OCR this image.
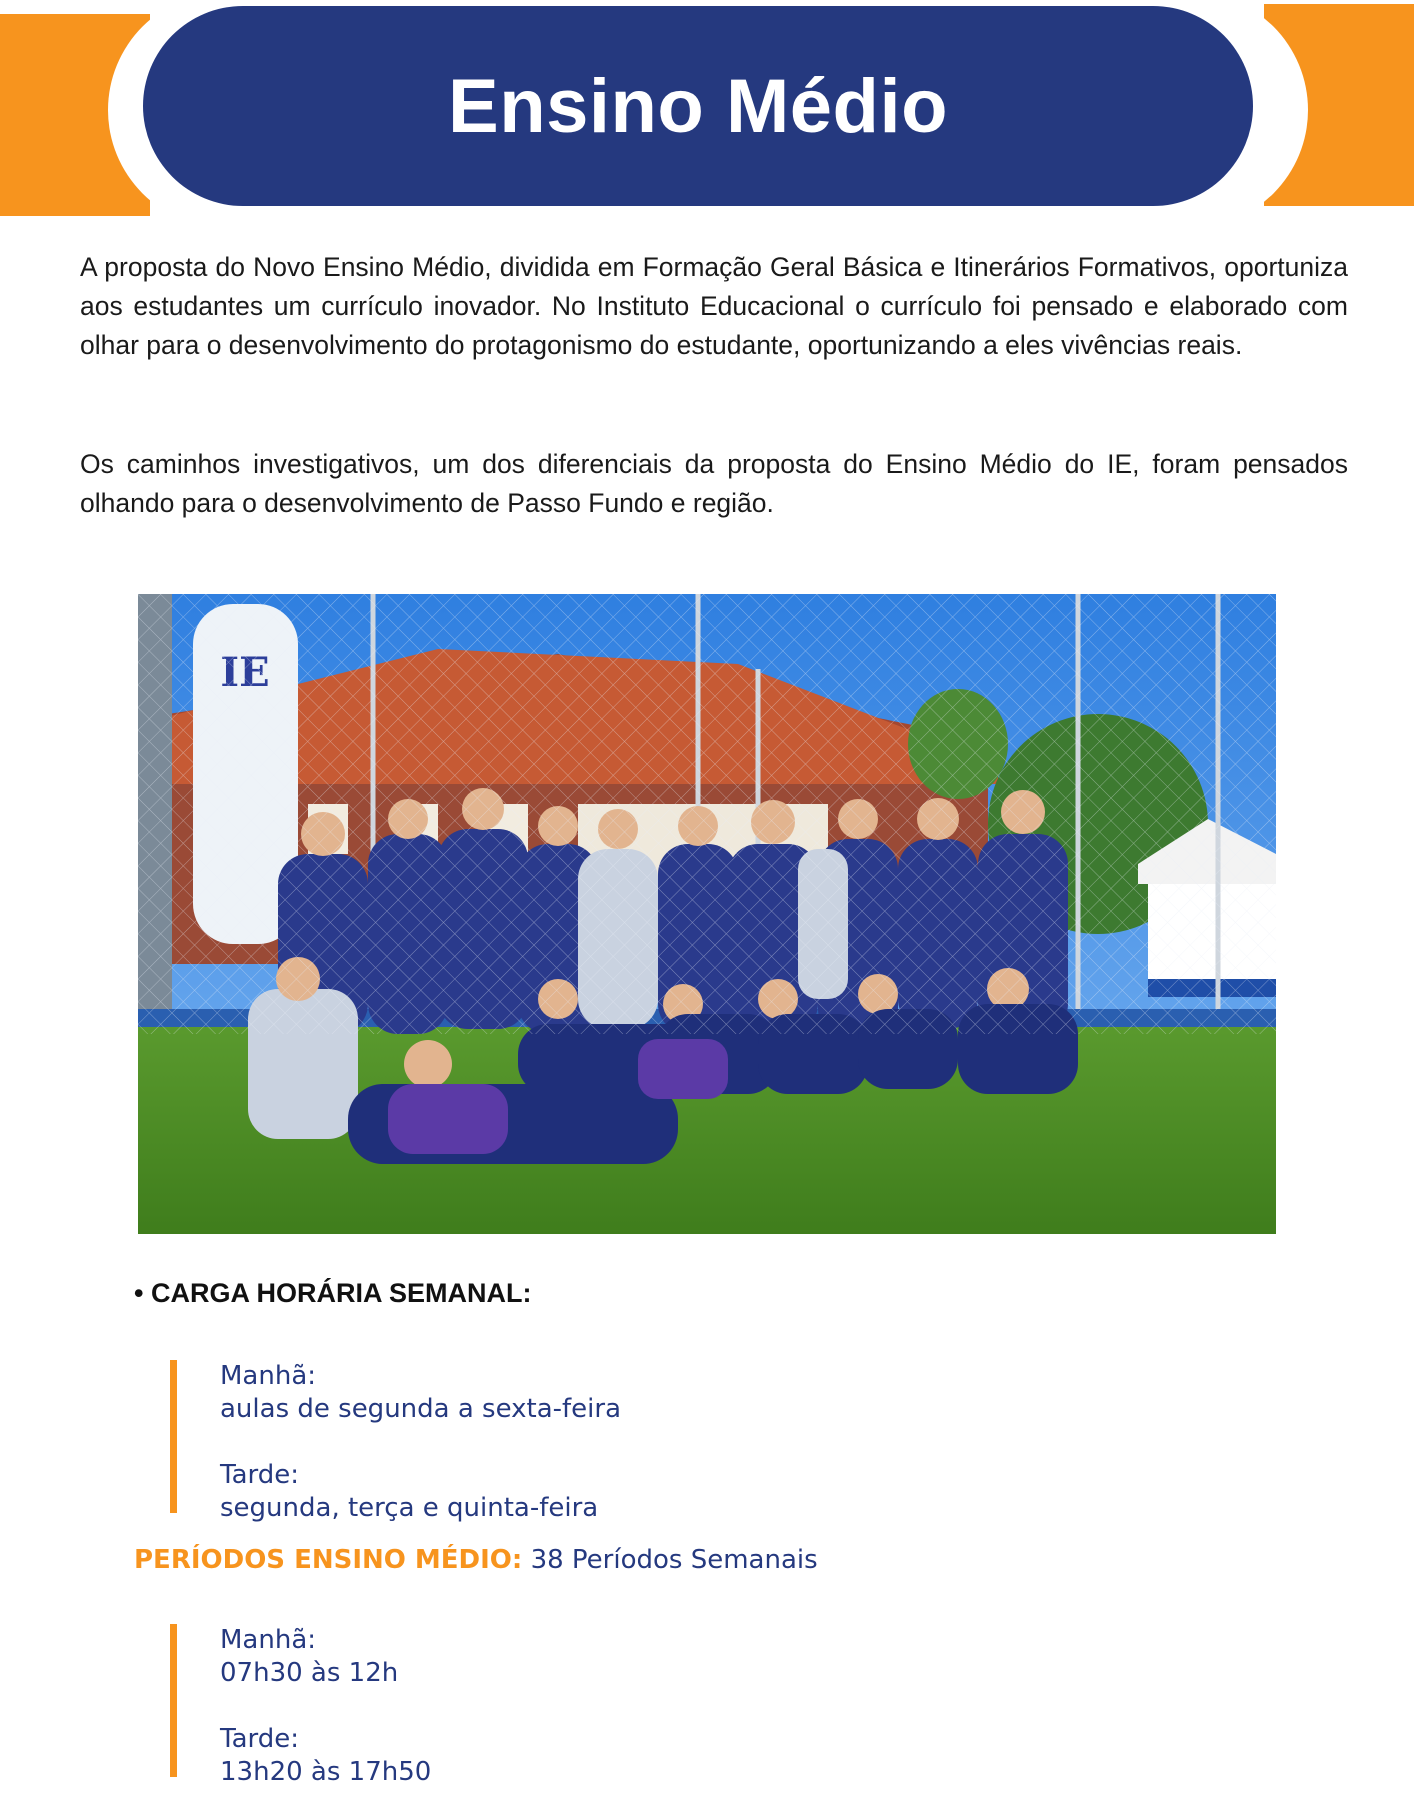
Ensino Médio

A proposta do Novo Ensino Médio, dividida em Formação Geral Básica e Itinerários Formativos, oportuniza aos estudantes um currículo inovador. No Instituto Educacional o currículo foi pensado e elaborado com olhar para o desenvolvimento do protagonismo do estudante, oportunizando a eles vivências reais.

Os caminhos investigativos, um dos diferenciais da proposta do Ensino Médio do IE, foram pensados olhando para o desenvolvimento de Passo Fundo e região.

• CARGA HORÁRIA SEMANAL:
Manhã:
aulas de segunda a sexta-feira
Tarde:
segunda, terça e quinta-feira
PERÍODOS ENSINO MÉDIO: 38 Períodos Semanais
Manhã:
07h30 às 12h
Tarde:
13h20 às 17h50
